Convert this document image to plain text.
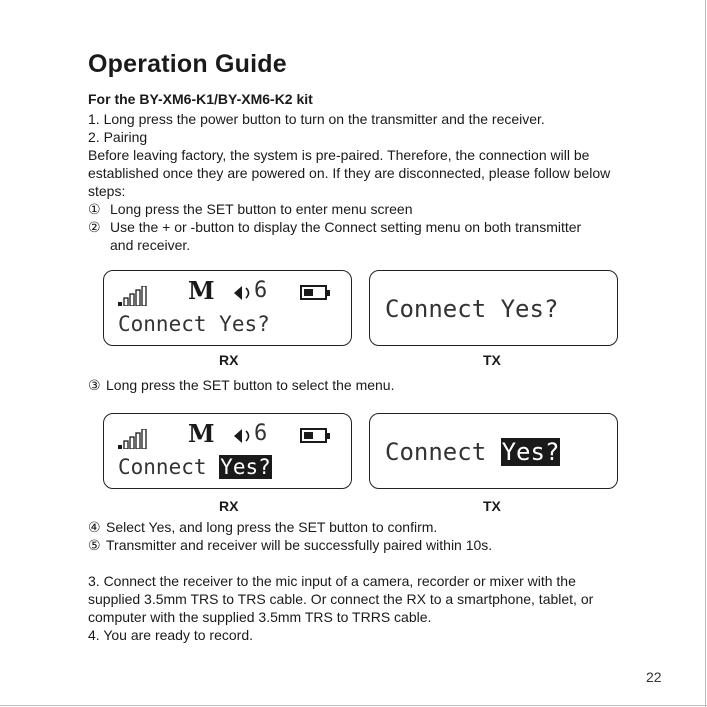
Operation Guide
For the BY-XM6-K1/BY-XM6-K2 kit
1. Long press the power button to turn on the transmitter and the receiver.
2. Pairing
Before leaving factory, the system is pre-paired. Therefore, the connection will be
established once they are powered on. If they are disconnected, please follow below
steps:
① Long press the SET button to enter menu screen
② Use the + or -button to display the Connect setting menu on both transmitter
and receiver.
M 6
Connect Yes?
Connect Yes?
RX	TX
③ Long press the SET button to select the menu.
M 6
Connect Yes?
Connect Yes?
RX	TX
④ Select Yes, and long press the SET button to confirm.
⑤ Transmitter and receiver will be successfully paired within 10s.
3. Connect the receiver to the mic input of a camera, recorder or mixer with the
supplied 3.5mm TRS to TRS cable. Or connect the RX to a smartphone, tablet, or
computer with the supplied 3.5mm TRS to TRRS cable.
4. You are ready to record.
22
